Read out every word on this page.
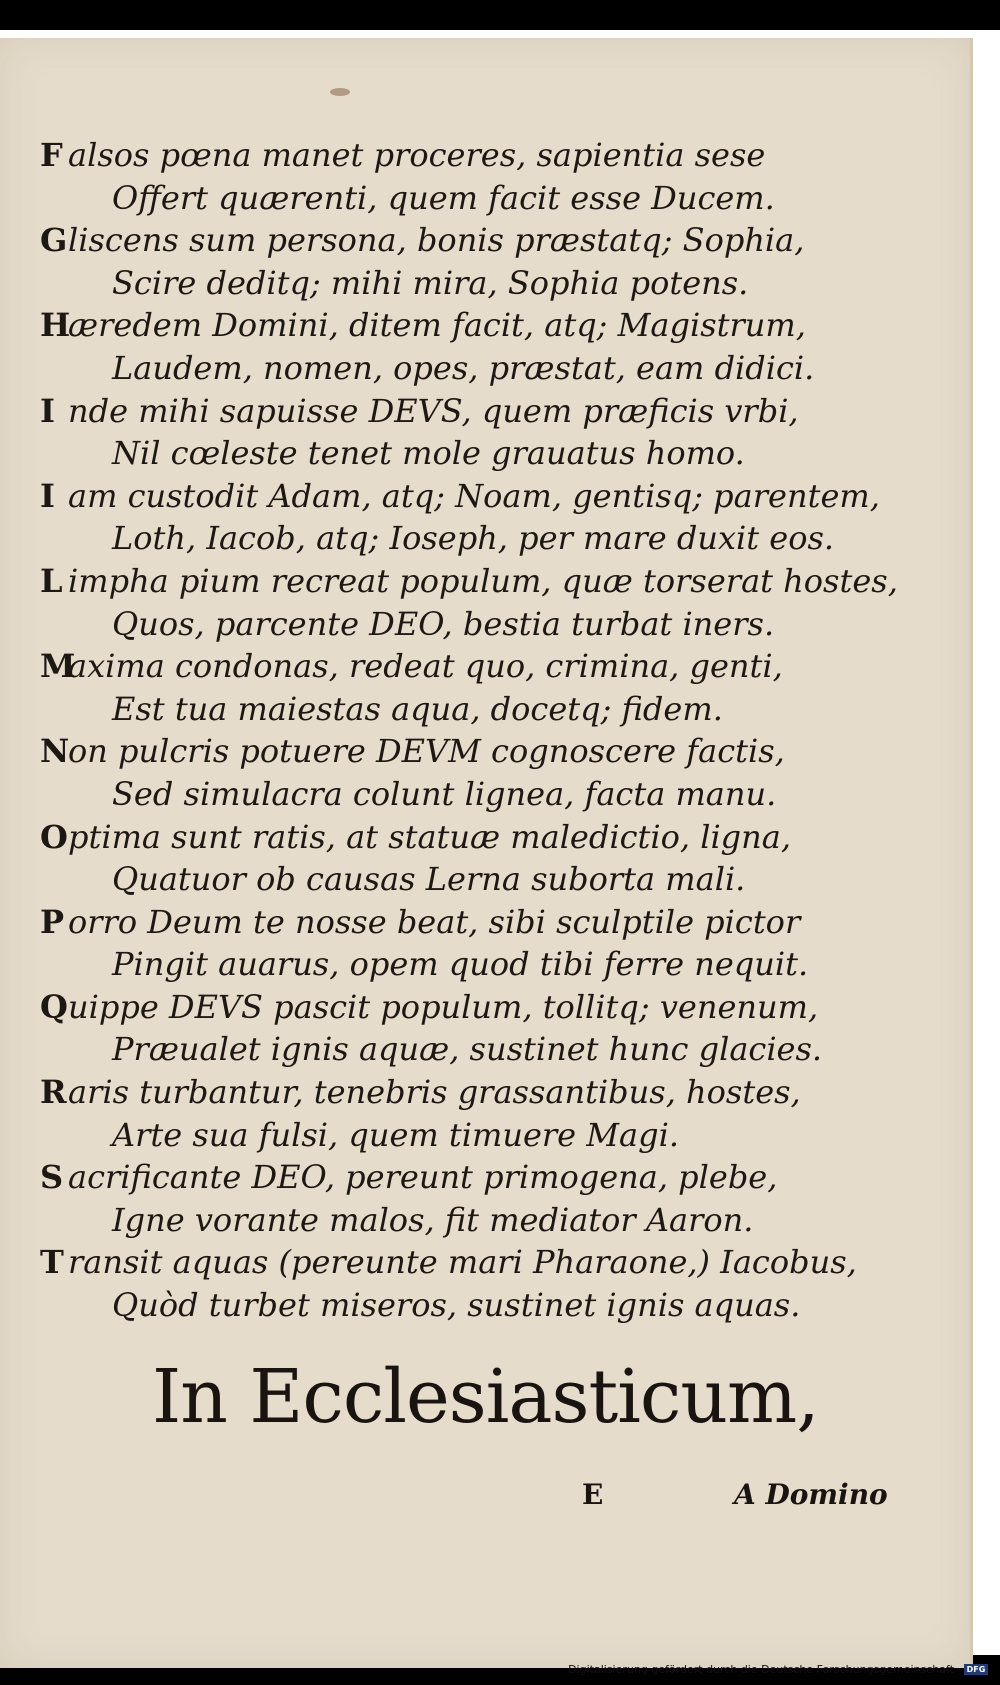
F alsos pœna manet proceres, sapientia sese
Offert quærenti, quem facit esse Ducem.
Gliscens sum persona, bonis præstatq; Sophia,
Scire deditq; mihi mira, Sophia potens.
Hæredem Domini, ditem facit, atq; Magistrum,
Laudem, nomen, opes, præstat, eam didici.
I nde mihi sapuisse DEVS, quem præficis vrbi,
Nil cœleste tenet mole grauatus homo.
I am custodit Adam, atq; Noam, gentisq; parentem,
Loth, Iacob, atq; Ioseph, per mare duxit eos.
L impha pium recreat populum, quæ torserat hostes,
Quos, parcente DEO, bestia turbat iners.
Maxima condonas, redeat quo, crimina, genti,
Est tua maiestas aqua, docetq; fidem.
Non pulcris potuere DEVM cognoscere factis,
Sed simulacra colunt lignea, facta manu.
Optima sunt ratis, at statuæ maledictio, ligna,
Quatuor ob causas Lerna suborta mali.
P orro Deum te nosse beat, sibi sculptile pictor
Pingit auarus, opem quod tibi ferre nequit.
Quippe DEVS pascit populum, tollitq; venenum,
Præualet ignis aquæ, sustinet hunc glacies.
Raris turbantur, tenebris grassantibus, hostes,
Arte sua fulsi, quem timuere Magi.
S acrificante DEO, pereunt primogena, plebe,
Igne vorante malos, fit mediator Aaron.
T ransit aquas (pereunte mari Pharaone,) Iacobus,
Quòd turbet miseros, sustinet ignis aquas.
In Ecclesiasticum,
E	A Domino
Digitalisierung gefördert durch die Deutsche Forschungsgemeinschaft · DFG
